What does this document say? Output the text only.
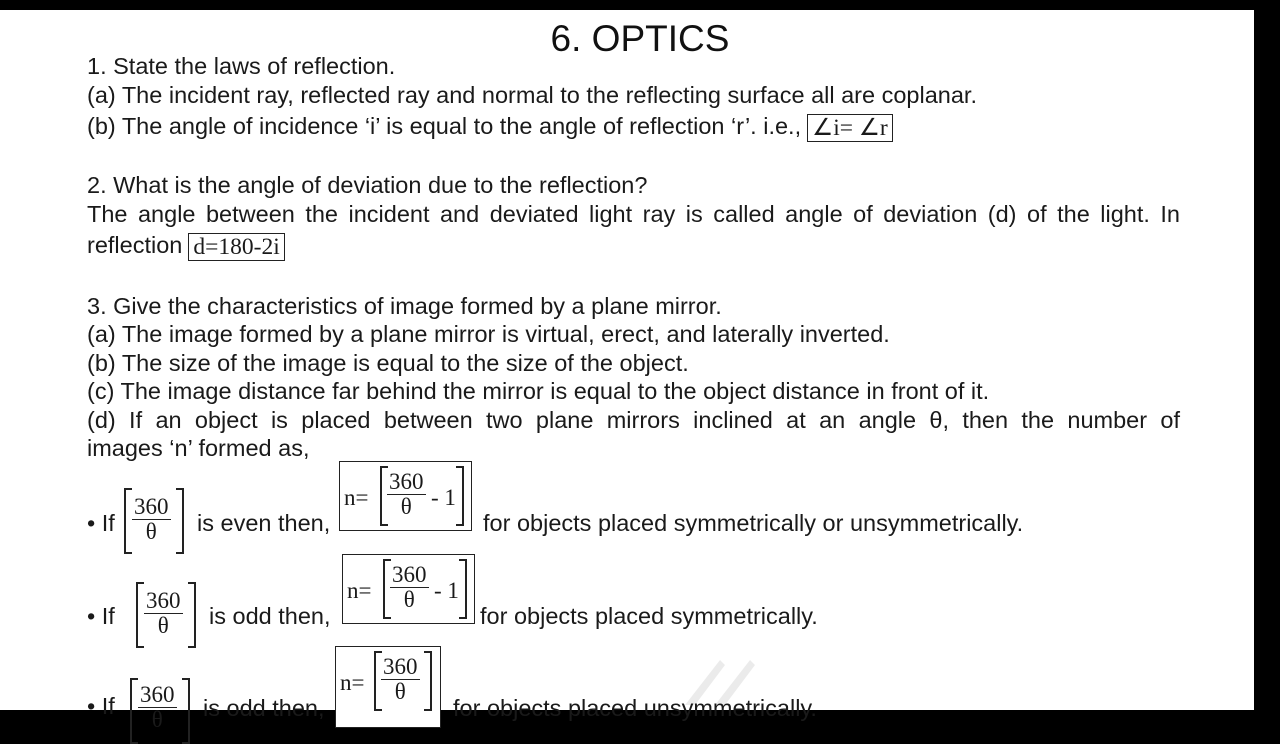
6. OPTICS
1. State the laws of reflection.
(a) The incident ray, reflected ray and normal to the reflecting surface all are coplanar.
(b) The angle of incidence ‘i’ is equal to the angle of reflection ‘r’. i.e., ∠i= ∠r
2. What is the angle of deviation due to the reflection?
The angle between the incident and deviated light ray is called angle of deviation (d) of the light. In
reflection d=180-2i
3. Give the characteristics of image formed by a plane mirror.
(a) The image formed by a plane mirror is virtual, erect, and laterally inverted.
(b) The size of the image is equal to the size of the object.
(c) The image distance far behind the mirror is equal to the object distance in front of it.
(d) If an object is placed between two plane mirrors inclined at an angle θ, then the number of
images ‘n’ formed as,
• If $\frac{360}{\theta}$ is even then,
$n= \frac{360}{\theta} - 1$
for objects placed symmetrically or unsymmetrically.
• If $\frac{360}{\theta}$ is odd then,
$n= \frac{360}{\theta} - 1$
for objects placed symmetrically.
• If $\frac{360}{\theta}$ is odd then,
$n= \frac{360}{\theta}$
for objects placed unsymmetrically.
